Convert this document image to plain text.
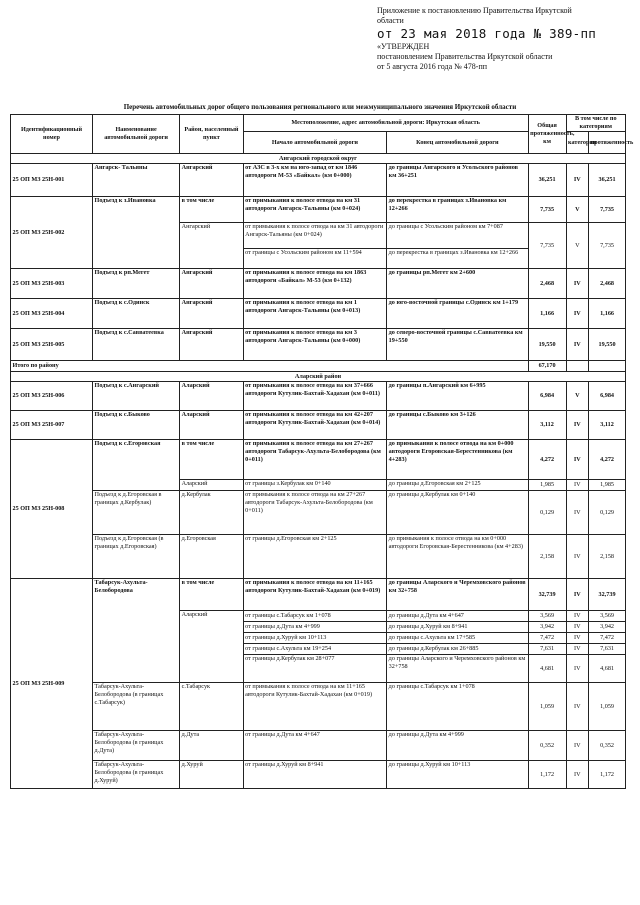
Приложение к постановлению Правительства Иркутской
области
от 23 мая 2018 года № 389-пп
«УТВЕРЖДЕН
постановлением Правительства Иркутской области
от 5 августа 2016 года № 478-пп
Перечень автомобильных дорог общего пользования регионального или межмуниципального значения Иркутской области
Идентификационный номер	Наименование автомобильной дороги	Район, населенный пункт	Местоположение, адрес автомобильной дороги: Иркутская область		Общая протяженность, км	В том числе по категориям	
			Начало автомобильной дороги	Конец автомобильной дороги		категория	протяженность
Ангарский городской округ							
25 ОП МЗ 25Н-001	Ангарск- Тальяны	Ангарский	от АЗС в 3-х км на юго-запад от км 1846 автодороги М-53 «Байкал» (км 0+000)	до границы Ангарского и Усольского районов км 36+251	36,251	IV	36,251
25 ОП МЗ 25Н-002	Подъезд к з.Ивановка	в том числе	от примыкания к полосе отвода на км 31 автодороги Ангарск-Тальяны (км 0+024)	до перекрестка в границах з.Ивановка км 12+266	7,735	V	7,735
		Ангарский	от примыкания к полосе отвода на км 31 автодороги Ангарск-Тальяны (км 0+024)	до границы с Усольским районом км 7+087	7,735	V	7,735
			от границы с Усольским районом км 11+594	до перекрестка в границах з.Ивановка км 12+266			
25 ОП МЗ 25Н-003	Подъезд к рп.Мегет	Ангарский	от примыкания к полосе отвода на км 1863 автодороги «Байкал» М-53 (км 0+132)	до границы рп.Мегет км 2+600	2,468	IV	2,468
25 ОП МЗ 25Н-004	Подъезд к с.Одинск	Ангарский	от примыкания к полосе отвода на км 1 автодороги Ангарск-Тальяны (км 0+013)	до юго-восточной границы с.Одинск км 1+179	1,166	IV	1,166
25 ОП МЗ 25Н-005	Подъезд к с.Савватеевка	Ангарский	от примыкания к полосе отвода на км 3 автодороги Ангарск-Тальяны (км 0+000)	до северо-восточной границы с.Савватеевка км 19+550	19,550	IV	19,550
Итого по району					67,170		
Аларский район							
25 ОП МЗ 25Н-006	Подъезд к с.Ангарский	Аларский	от примыкания к полосе отвода на км 37+666 автодороги Кутулик-Бахтай-Хадахан (км 0+011)	до границы п.Ангарский км 6+995	6,984	V	6,984
25 ОП МЗ 25Н-007	Подъезд к с.Быково	Аларский	от примыкания к полосе отвода на км 42+207 автодороги Кутулик-Бахтай-Хадахан (км 0+014)	до границы с.Быково км 3+126	3,112	IV	3,112
25 ОП МЗ 25Н-008	Подъезд к с.Егоровская	в том числе	от примыкания к полосе отвода на км 27+267 автодороги Табарсук-Ахульта-Белобородова (км 0+011)	до примыкания к полосе отвода на км 0+000 автодороги Егоровская-Берестенникова (км 4+283)	4,272	IV	4,272
		Аларский	от границы з.Кербулак км 0+140	до границы д.Егоровская км 2+125	1,985	IV	1,985
	Подъезд к д.Егоровская в границах д.Кербулак)	д.Кербулак	от примыкания к полосе отвода на км 27+267 автодороги Табарсук-Ахульта-Белобородова (км 0+011)	до границы д.Кербулак км 0+140	0,129	IV	0,129
	Подъезд к д.Егоровская (в границах д.Егоровская)	д.Егоровская	от границы д.Егоровская км 2+125	до примыкания к полосе отвода на км 0+000 автодороги Егоровская-Берестенникова (км 4+283)	2,158	IV	2,158
25 ОП МЗ 25Н-009	Табарсук-Ахульта-Белобородова	в том числе	от примыкания к полосе отвода на км 11+165 автодороги Кутулик-Бахтай-Хадахан (км 0+019)	до границы Аларского и Черемховского районов км 32+758	32,739	IV	32,739
		Аларский	от границы с.Табарсук км 1+078	до границы д.Дута км 4+647	3,569	IV	3,569
			от границы д.Дута км 4+999	до границы д.Хуруй км 8+941	3,942	IV	3,942
			от границы д.Хуруй км 10+113	до границы с.Ахульта км 17+585	7,472	IV	7,472
			от границы с.Ахульта км 19+254	до границы д.Кербулак км 26+885	7,631	IV	7,631
			от границы д.Кербулак км 28+077	до границы Аларского и Черемховского районов км 32+758	4,681	IV	4,681
	Табарсук-Ахульта-Белобородова (в границах с.Табарсук)	с.Табарсук	от примыкания к полосе отвода на км 11+165 автодороги Кутулик-Бахтай-Хадахан (км 0+019)	до границы с.Табарсук км 1+078	1,059	IV	1,059
	Табарсук-Ахульта-Белобородова (в границах д.Дута)	д.Дута	от границы д.Дута км 4+647	до границы д.Дута км 4+999	0,352	IV	0,352
	Табарсук-Ахульта-Белобородова (в границах д.Хуруй)	д.Хуруй	от границы д.Хуруй км 8+941	до границы д.Хуруй км 10+113	1,172	IV	1,172
